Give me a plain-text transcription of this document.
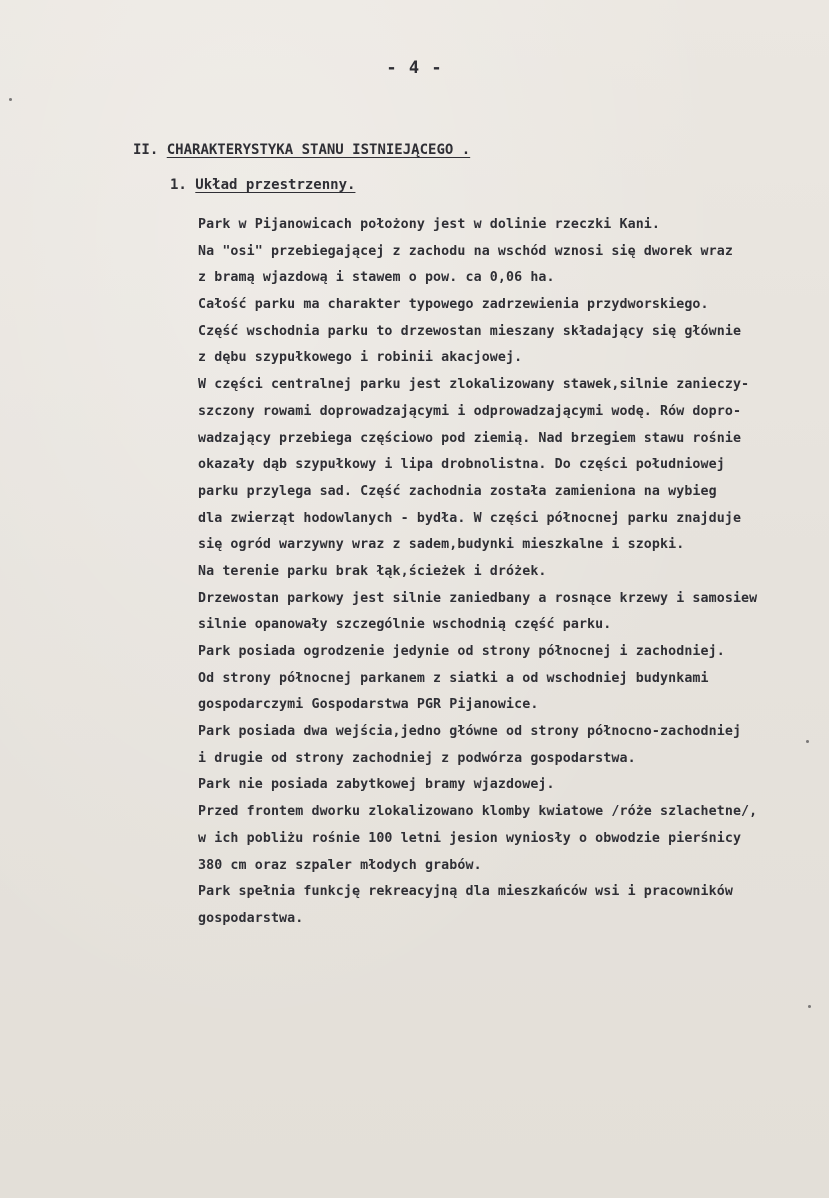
- 4 -
II. CHARAKTERYSTYKA STANU ISTNIEJĄCEGO .
1. Układ przestrzenny.
Park w Pijanowicach położony jest w dolinie rzeczki Kani.
Na "osi" przebiegającej z zachodu na wschód wznosi się dworek wraz
z bramą wjazdową i stawem o pow. ca 0,06 ha.
Całość parku ma charakter typowego zadrzewienia przydworskiego.
Część wschodnia parku to drzewostan mieszany składający się głównie
z dębu szypułkowego i robinii akacjowej.
W części centralnej parku jest zlokalizowany stawek,silnie zanieczy-
szczony rowami doprowadzającymi i odprowadzającymi wodę. Rów dopro-
wadzający przebiega częściowo pod ziemią. Nad brzegiem stawu rośnie
okazały dąb szypułkowy i lipa drobnolistna. Do części południowej
parku przylega sad. Część zachodnia została zamieniona na wybieg
dla zwierząt hodowlanych - bydła. W części północnej parku znajduje
się ogród warzywny wraz z sadem,budynki mieszkalne i szopki.
Na terenie parku brak łąk,ścieżek i dróżek.
Drzewostan parkowy jest silnie zaniedbany a rosnące krzewy i samosiew
silnie opanowały szczególnie wschodnią część parku.
Park posiada ogrodzenie jedynie od strony północnej i zachodniej.
Od strony północnej parkanem z siatki a od wschodniej budynkami
gospodarczymi Gospodarstwa PGR Pijanowice.
Park posiada dwa wejścia,jedno główne od strony północno-zachodniej
i drugie od strony zachodniej z podwórza gospodarstwa.
Park nie posiada zabytkowej bramy wjazdowej.
Przed frontem dworku zlokalizowano klomby kwiatowe /róże szlachetne/,
w ich pobliżu rośnie 100 letni jesion wyniosły o obwodzie pierśnicy
380 cm oraz szpaler młodych grabów.
Park spełnia funkcję rekreacyjną dla mieszkańców wsi i pracowników
gospodarstwa.
